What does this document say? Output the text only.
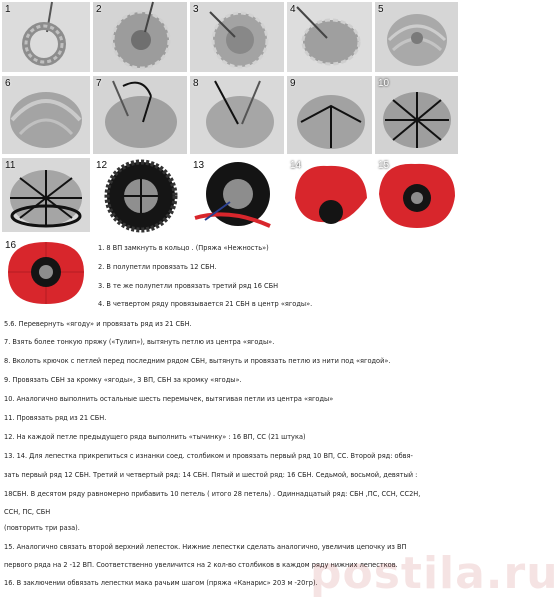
1	2	3	4	5
6	7	8	9	10
11	12	13	14	15
16	1. 8 ВП замкнуть в кольцо . (Пряжа «Нежность»)
2. В полупетли провязать 12 СБН.
3. В те же полупетли провязать третий ряд 16 СБН
4. В четвертом ряду провязывается 21 СБН в центр «ягоды».
5.6. Перевернуть «ягоду» и провязать ряд из 21 СБН.
7. Взять более тонкую пряжу («Тулип»), вытянуть петлю из центра «ягоды».
8. Вколоть крючок с петлей перед последним рядом СБН, вытянуть и провязать петлю из нити под «ягодой».
9. Провязать СБН за кромку «ягоды», 3 ВП, СБН за кромку «ягоды».
10. Аналогично выполнить остальные шесть перемычек, вытягивая петли из центра «ягоды»
11. Провязать ряд из 21 СБН.
12. На каждой петле предыдущего ряда выполнить «тычинку» : 16 ВП, СС (21 штука)
13. 14. Для лепестка прикрепиться с изнанки соед. столбиком и провязать первый ряд 10 ВП, СС. Второй ряд: обвя-
зать первый ряд 12 СБН. Третий и четвертый ряд: 14 СБН. Пятый и шестой ряд: 16 СБН. Седьмой, восьмой, девятый :
18СБН. В десятом ряду равномерно прибавить 10 петель ( итого 28 петель) . Одиннадцатый ряд: СБН ,ПС, ССН, СС2Н,
ССН, ПС, СБН
(повторить три раза).
15. Аналогично связать второй верхний лепесток. Нижние лепестки сделать аналогично, увеличив цепочку из ВП
первого ряда на 2 -12 ВП. Соответственно увеличится на 2 кол-во столбиков в каждом ряду нижних лепестков.
16. В заключении обвязать лепестки мака рачьим шагом (пряжа «Канарис» 203 м -20гр).
postila.ru
